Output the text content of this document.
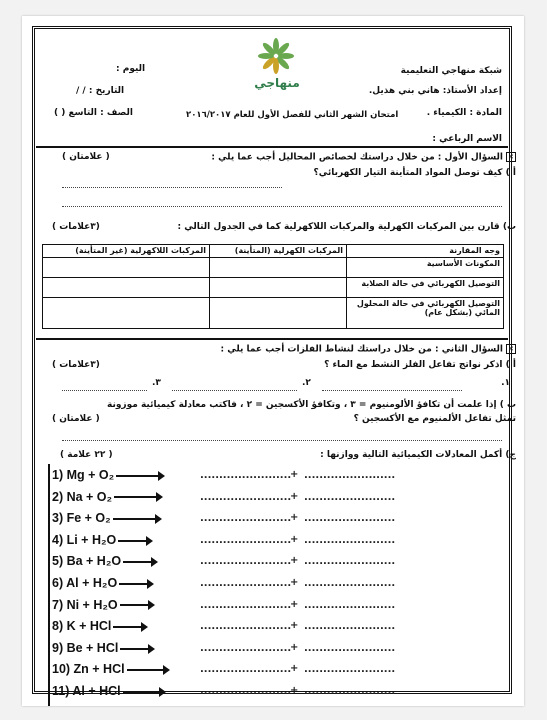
شبكة منهاجي التعليمية
إعداد الأستاذ: هاني بني هذيل.
المادة : الكيمياء .
الاسم الرباعي :
اليوم :
التاريخ : / /
الصف : التاسع ( )
منهاجي
امتحان الشهر الثاني للفصل الأول للعام ٢٠١٦/٢٠١٧
✕السؤال الأول : من خلال دراستك لخصائص المحاليل أجب عما يلي :
( علامتان )
أ ) كيف توصل المواد المتأينة التيار الكهربائي؟
ب) قارن بين المركبات الكهرلية والمركبات اللاكهرلية كما في الجدول التالي :
(٣علامات )
وجه المقارنة	المركبات الكهرلية (المتأينة)	المركبات اللاكهرلية (غير المتأينة)
المكونات الأساسية		
التوصيل الكهربائي في حالة الصلابة		
التوصيل الكهربائي في حالة المحلول المائي (بشكل عام)		
✕السؤال الثاني : من خلال دراستك لنشاط الفلزات أجب عما يلي :
أ ) اذكر نواتج تفاعل الفلز النشط مع الماء ؟
(٣علامات )
١.
٢.
٣.
ب ) إذا علمت أن تكافؤ الألومنيوم = ٣ ، وتكافؤ الأكسجين = ٢ ، فاكتب معادلة كيميائية موزونة
تمثل تفاعل الألمنيوم مع الأكسجين ؟
( علامتان )
ج) أكمل المعادلات الكيميائية التالية ووازنها :
( ٢٢ علامة )
1) Mg + O₂ →	........................
+ ........................
2) Na + O₂ →	........................
+ ........................
3) Fe + O₂ →	........................
+ ........................
4) Li + H₂O →	........................
+ ........................
5) Ba + H₂O →	........................
+ ........................
6) Al + H₂O →	........................
+ ........................
7) Ni + H₂O →	........................
+ ........................
8) K + HCl →	........................
+ ........................
9) Be + HCl →	........................
+ ........................
10) Zn + HCl →	........................
+ ........................
11) Al + HCl →	........................
+ ........................
